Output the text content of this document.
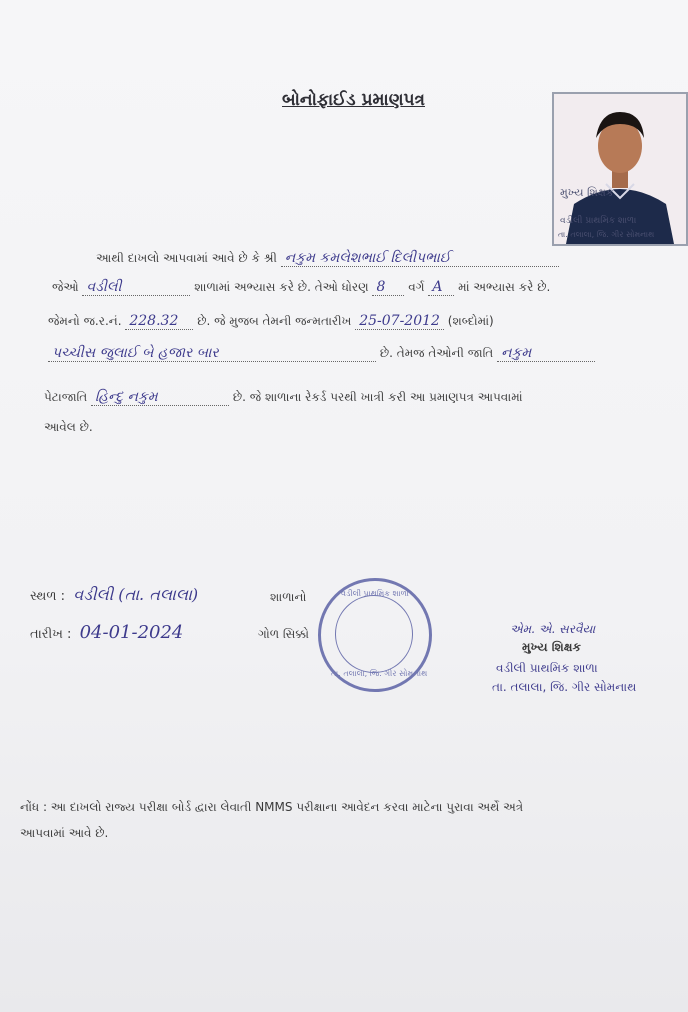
બોનોફાઈડ પ્રમાણપત્ર
મુખ્ય શિક્ષક
વડીલી પ્રાથમિક શાળા
તા. તલાલા, જિ. ગીર સોમનાથ
આથી દાખલો આપવામાં આવે છે કે શ્રી નકુમ કમલેશભાઈ દિલીપભાઈ
જેઓ વડીલી	શાળામાં અભ્યાસ કરે છે. તેઓ ધોરણ 8 વર્ગ A માં અભ્યાસ કરે છે.
જેમનો જ.ર.નં. 228.32 છે. જે મુજબ તેમની જન્મતારીખ 25-07-2012 (શબ્દોમાં)
પચ્ચીસ જુલાઈ બે હજાર બાર	છે. તેમજ તેઓની જાતિ નકુમ
પેટાજાતિ હિન્દુ નકુમ	છે. જે શાળાના રેકર્ડ પરથી ખાત્રી કરી આ પ્રમાણપત્ર આપવામાં
આવેલ છે.
સ્થળ : વડીલી (તા. તલાલા)	શાળાનો
તારીખ : 04-01-2024	ગોળ સિક્કો
વડીલી પ્રાથમિક શાળા
તા. તલાલા, જિ. ગીર સોમનાથ
એમ. એ. સરવૈયા
મુખ્ય શિક્ષક
વડીલી પ્રાથમિક શાળા
તા. તલાલા, જિ. ગીર સોમનાથ
નોંધ : આ દાખલો રાજ્ય પરીક્ષા બોર્ડ દ્વારા લેવાતી NMMS પરીક્ષાના આવેદન કરવા માટેના પુરાવા અર્થે અત્રે
આપવામાં આવે છે.
